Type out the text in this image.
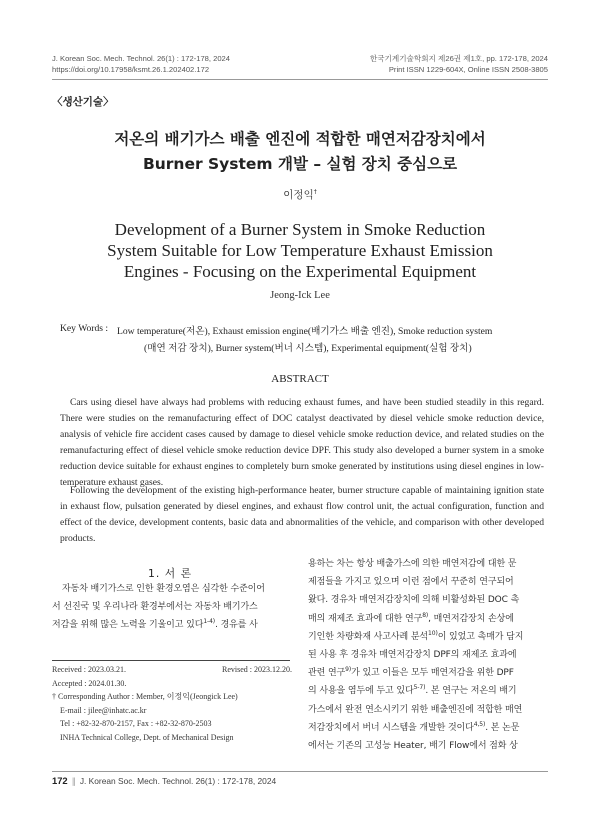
J. Korean Soc. Mech. Technol. 26(1) : 172-178, 2024
https://doi.org/10.17958/ksmt.26.1.202402.172
한국기계기술학회지 제26권 제1호, pp. 172-178, 2024
Print ISSN 1229-604X, Online ISSN 2508-3805
〈생산기술〉
저온의 배기가스 배출 엔진에 적합한 매연저감장치에서
Burner System 개발 – 실험 장치 중심으로
이정익†
Development of a Burner System in Smoke Reduction
System Suitable for Low Temperature Exhaust Emission
Engines - Focusing on the Experimental Equipment
Jeong-Ick Lee
Key Words : Low temperature(저온), Exhaust emission engine(배기가스 배출 엔진), Smoke reduction system
(매연 저감 장치), Burner system(버너 시스템), Experimental equipment(실험 장치)
ABSTRACT

Cars using diesel have always had problems with reducing exhaust fumes, and have been studied steadily in this regard. There were studies on the remanufacturing effect of DOC catalyst deactivated by diesel vehicle smoke reduction device, analysis of vehicle fire accident cases caused by damage to diesel vehicle smoke reduction device, and related studies on the remanufacturing effect of diesel vehicle smoke reduction device DPF. This study also developed a burner system in a smoke reduction device suitable for exhaust engines to completely burn smoke generated by institutions using diesel engines in low-temperature exhaust gases.

Following the development of the existing high-performance heater, burner structure capable of maintaining ignition state in exhaust flow, pulsation generated by diesel engines, and exhaust flow control unit, the actual configuration, function and effect of the device, development contents, basic data and abnormalities of the vehicle, and comparison with other developed products.

1. 서 론
자동차 배기가스로 인한 환경오염은 심각한 수준이어
서 선진국 및 우리나라 환경부에서는 자동차 배기가스
저감을 위해 많은 노력을 기울이고 있다$^{1-4)}$. 경유를 사
Received : 2023.03.21.	Revised : 2023.12.20.
Accepted : 2024.01.30.
† Corresponding Author : Member, 이정익(Jeongick Lee)
E-mail : jilee@inhatc.ac.kr
Tel : +82-32-870-2157, Fax : +82-32-870-2503
INHA Technical College, Dept. of Mechanical Design
용하는 차는 항상 배출가스에 의한 매연저감에 대한 문
제점들을 가지고 있으며 이런 점에서 꾸준히 연구되어
왔다. 경유차 매연저감장치에 의해 비활성화된 DOC 촉
매의 재제조 효과에 대한 연구$^{8)}$, 매연저감장치 손상에
기인한 차량화재 사고사례 분석$^{10)}$이 있었고 촉매가 담지
된 사용 후 경유차 매연저감장치 DPF의 재제조 효과에
관련 연구$^{9)}$가 있고 이들은 모두 매연저감을 위한 DPF
의 사용을 염두에 두고 있다$^{5-7)}$. 본 연구는 저온의 배기
가스에서 완전 연소시키기 위한 배출엔진에 적합한 매연
저감장치에서 버너 시스템을 개발한 것이다$^{4,5)}$. 본 논문
에서는 기존의 고성능 Heater, 배기 Flow에서 점화 상
172 ∥ J. Korean Soc. Mech. Technol. 26(1) : 172-178, 2024
